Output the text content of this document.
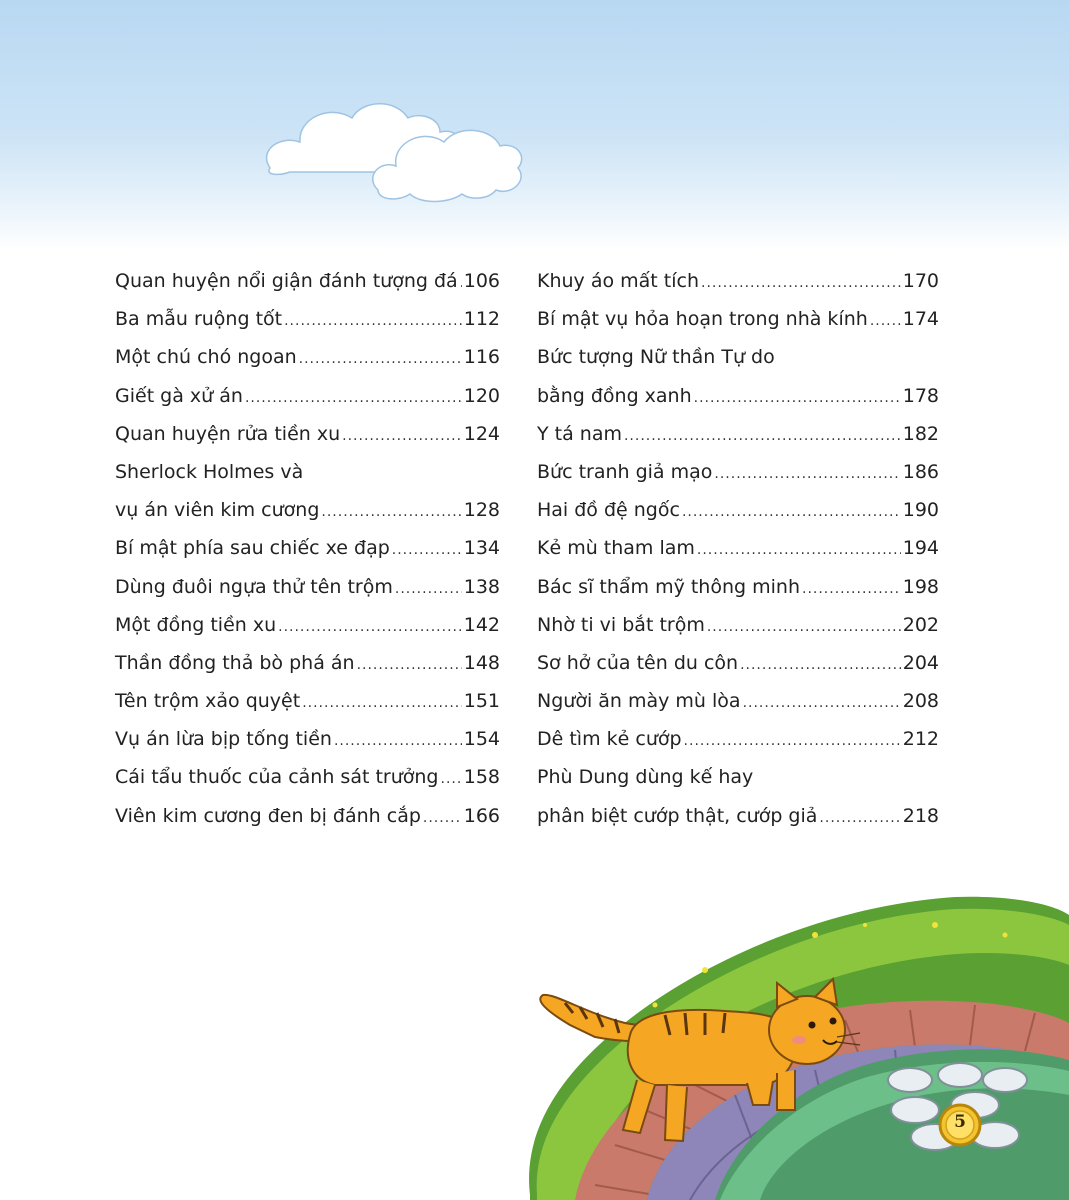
Quan huyện nổi giận đánh tượng đá ..... 106
Ba mẫu ruộng tốt .....	112
Một chú chó ngoan .....	116
Giết gà xử án .....	120
Quan huyện rửa tiền xu .....	124
Sherlock Holmes và
vụ án viên kim cương .....	128
Bí mật phía sau chiếc xe đạp .....	134
Dùng đuôi ngựa thử tên trộm .....	138
Một đồng tiền xu .....	142
Thần đồng thả bò phá án .....	148
Tên trộm xảo quyệt .....	151
Vụ án lừa bịp tống tiền .....	154
Cái tẩu thuốc của cảnh sát trưởng ..... 158
Viên kim cương đen bị đánh cắp ..... 166
Khuy áo mất tích .....	170
Bí mật vụ hỏa hoạn trong nhà kính ..... 174
Bức tượng Nữ thần Tự do
bằng đồng xanh .....	178
Y tá nam .....	182
Bức tranh giả mạo .....	186
Hai đồ đệ ngốc .....	190
Kẻ mù tham lam .....	194
Bác sĩ thẩm mỹ thông minh .....	198
Nhờ ti vi bắt trộm .....	202
Sơ hở của tên du côn .....	204
Người ăn mày mù lòa .....	208
Dê tìm kẻ cướp .....	212
Phù Dung dùng kế hay
phân biệt cướp thật, cướp giả .....	218
5
